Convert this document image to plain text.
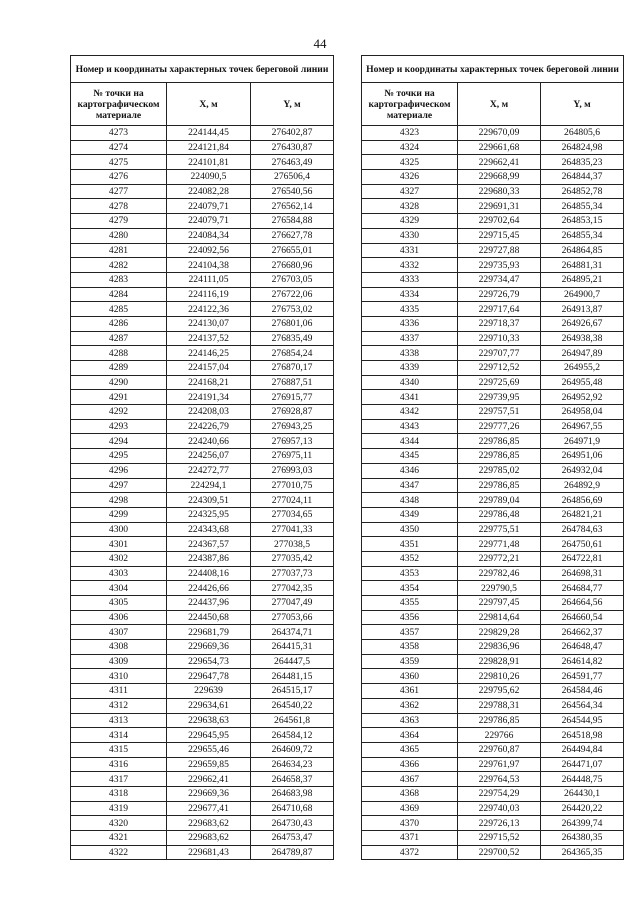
44
Номер и координаты характерных точек береговой линии		
№ точки на картографическом материале	X, м	Y, м
4273	224144,45	276402,87
4274	224121,84	276430,87
4275	224101,81	276463,49
4276	224090,5	276506,4
4277	224082,28	276540,56
4278	224079,71	276562,14
4279	224079,71	276584,88
4280	224084,34	276627,78
4281	224092,56	276655,01
4282	224104,38	276680,96
4283	224111,05	276703,05
4284	224116,19	276722,06
4285	224122,36	276753,02
4286	224130,07	276801,06
4287	224137,52	276835,49
4288	224146,25	276854,24
4289	224157,04	276870,17
4290	224168,21	276887,51
4291	224191,34	276915,77
4292	224208,03	276928,87
4293	224226,79	276943,25
4294	224240,66	276957,13
4295	224256,07	276975,11
4296	224272,77	276993,03
4297	224294,1	277010,75
4298	224309,51	277024,11
4299	224325,95	277034,65
4300	224343,68	277041,33
4301	224367,57	277038,5
4302	224387,86	277035,42
4303	224408,16	277037,73
4304	224426,66	277042,35
4305	224437,96	277047,49
4306	224450,68	277053,66
4307	229681,79	264374,71
4308	229669,36	264415,31
4309	229654,73	264447,5
4310	229647,78	264481,15
4311	229639	264515,17
4312	229634,61	264540,22
4313	229638,63	264561,8
4314	229645,95	264584,12
4315	229655,46	264609,72
4316	229659,85	264634,23
4317	229662,41	264658,37
4318	229669,36	264683,98
4319	229677,41	264710,68
4320	229683,62	264730,43
4321	229683,62	264753,47
4322	229681,43	264789,87
Номер и координаты характерных точек береговой линии		
№ точки на картографическом материале	X, м	Y, м
4323	229670,09	264805,6
4324	229661,68	264824,98
4325	229662,41	264835,23
4326	229668,99	264844,37
4327	229680,33	264852,78
4328	229691,31	264855,34
4329	229702,64	264853,15
4330	229715,45	264855,34
4331	229727,88	264864,85
4332	229735,93	264881,31
4333	229734,47	264895,21
4334	229726,79	264900,7
4335	229717,64	264913,87
4336	229718,37	264926,67
4337	229710,33	264938,38
4338	229707,77	264947,89
4339	229712,52	264955,2
4340	229725,69	264955,48
4341	229739,95	264952,92
4342	229757,51	264958,04
4343	229777,26	264967,55
4344	229786,85	264971,9
4345	229786,85	264951,06
4346	229785,02	264932,04
4347	229786,85	264892,9
4348	229789,04	264856,69
4349	229786,48	264821,21
4350	229775,51	264784,63
4351	229771,48	264750,61
4352	229772,21	264722,81
4353	229782,46	264698,31
4354	229790,5	264684,77
4355	229797,45	264664,56
4356	229814,64	264660,54
4357	229829,28	264662,37
4358	229836,96	264648,47
4359	229828,91	264614,82
4360	229810,26	264591,77
4361	229795,62	264584,46
4362	229788,31	264564,34
4363	229786,85	264544,95
4364	229766	264518,98
4365	229760,87	264494,84
4366	229761,97	264471,07
4367	229764,53	264448,75
4368	229754,29	264430,1
4369	229740,03	264420,22
4370	229726,13	264399,74
4371	229715,52	264380,35
4372	229700,52	264365,35
